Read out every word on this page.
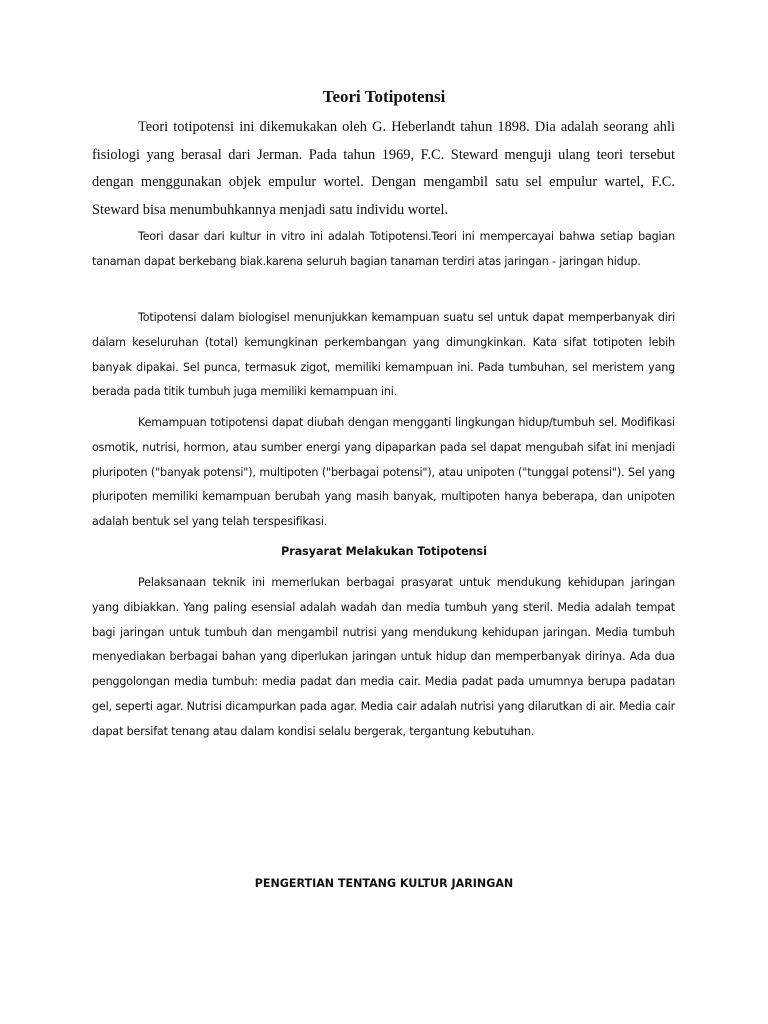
Teori Totipotensi

Teori totipotensi ini dikemukakan oleh G. Heberlandt tahun 1898. Dia adalah seorang ahli fisiologi yang berasal dari Jerman. Pada tahun 1969, F.C. Steward menguji ulang teori tersebut dengan menggunakan objek empulur wortel. Dengan mengambil satu sel empulur wartel, F.C. Steward bisa menumbuhkannya menjadi satu individu wortel.

Teori dasar dari kultur in vitro ini adalah Totipotensi.Teori ini mempercayai bahwa setiap bagian tanaman dapat berkebang biak.karena seluruh bagian tanaman terdiri atas jaringan - jaringan hidup.

Totipotensi dalam biologisel menunjukkan kemampuan suatu sel untuk dapat memperbanyak diri dalam keseluruhan (total) kemungkinan perkembangan yang dimungkinkan. Kata sifat totipoten lebih banyak dipakai. Sel punca, termasuk zigot, memiliki kemampuan ini. Pada tumbuhan, sel meristem yang berada pada titik tumbuh juga memiliki kemampuan ini.

Kemampuan totipotensi dapat diubah dengan mengganti lingkungan hidup/tumbuh sel. Modifikasi osmotik, nutrisi, hormon, atau sumber energi yang dipaparkan pada sel dapat mengubah sifat ini menjadi pluripoten ("banyak potensi"), multipoten ("berbagai potensi"), atau unipoten ("tunggal potensi"). Sel yang pluripoten memiliki kemampuan berubah yang masih banyak, multipoten hanya beberapa, dan unipoten adalah bentuk sel yang telah terspesifikasi.

Prasyarat Melakukan Totipotensi

Pelaksanaan teknik ini memerlukan berbagai prasyarat untuk mendukung kehidupan jaringan yang dibiakkan. Yang paling esensial adalah wadah dan media tumbuh yang steril. Media adalah tempat bagi jaringan untuk tumbuh dan mengambil nutrisi yang mendukung kehidupan jaringan. Media tumbuh menyediakan berbagai bahan yang diperlukan jaringan untuk hidup dan memperbanyak dirinya. Ada dua penggolongan media tumbuh: media padat dan media cair. Media padat pada umumnya berupa padatan gel, seperti agar. Nutrisi dicampurkan pada agar. Media cair adalah nutrisi yang dilarutkan di air. Media cair dapat bersifat tenang atau dalam kondisi selalu bergerak, tergantung kebutuhan.

PENGERTIAN TENTANG KULTUR JARINGAN
